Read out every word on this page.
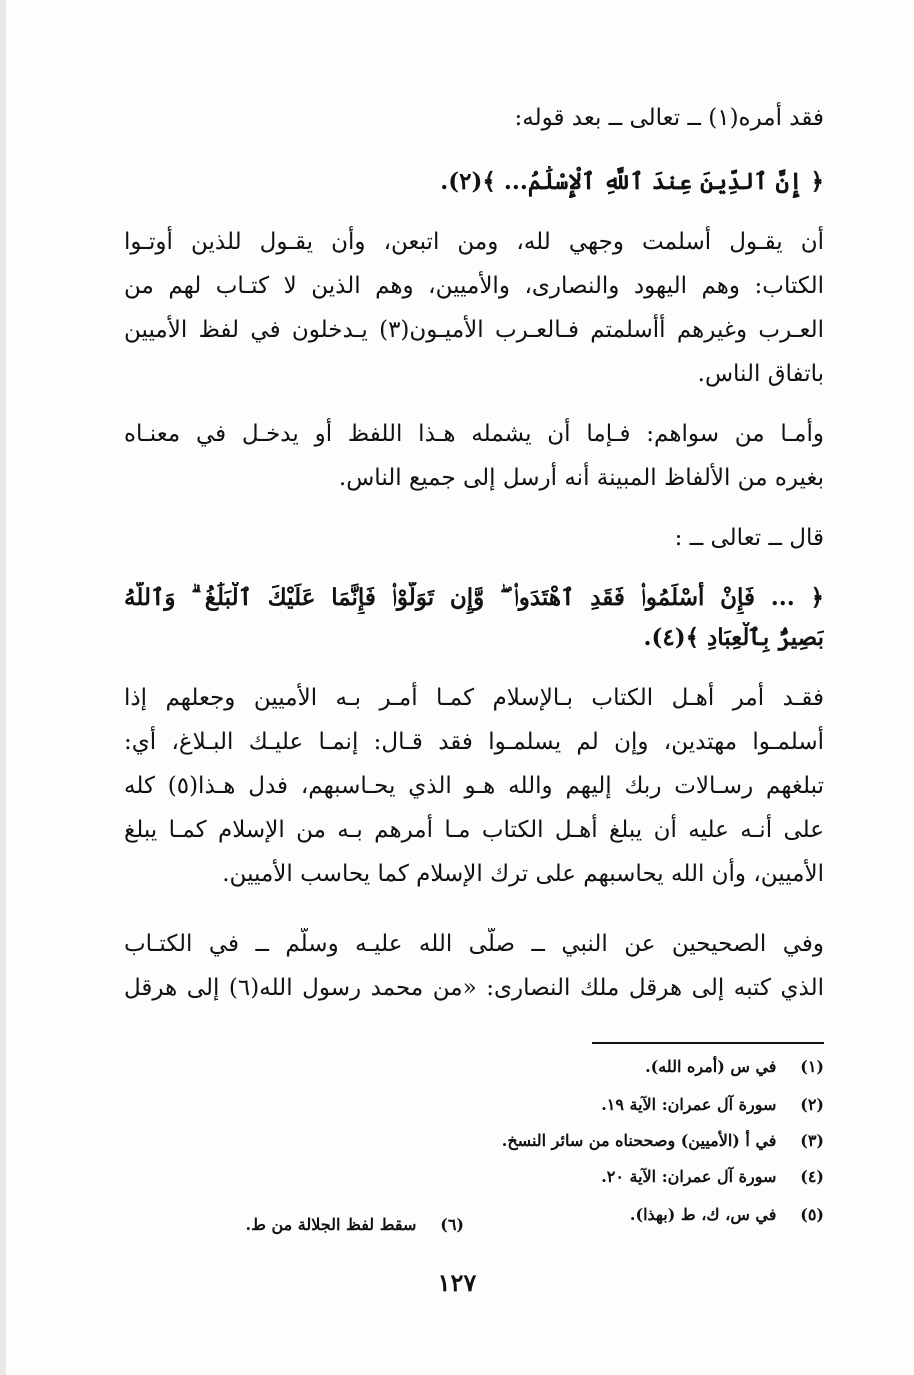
فقد أمره(١) ــ تعالى ــ بعد قوله:
﴿ إِنَّ ٱلدِّينَ عِندَ ٱللَّهِ ٱلْإِسْلَٰمُ... ﴾(٢).
أن يقـول أسلمت وجهي لله، ومن اتبعن، وأن يقـول للذين أوتـوا
الكتاب: وهم اليهود والنصارى، والأميين، وهم الذين لا كتـاب لهم من
العـرب وغيرهم أأسلمتم فـالعـرب الأميـون(٣) يـدخلون في لفظ الأميين
باتفاق الناس.
وأمـا من سواهم: فـإما أن يشمله هـذا اللفظ أو يدخـل في معنـاه
بغيره من الألفاظ المبينة أنه أرسل إلى جميع الناس.
قال ــ تعالى ــ :
﴿ ... فَإِنْ أَسْلَمُوا۟ فَقَدِ ٱهْتَدَوا۟ ۖ وَّإِن تَوَلَّوْا۟ فَإِنَّمَا عَلَيْكَ ٱلْبَلَٰغُ ۗ وَٱللَّهُ
بَصِيرٌۢ بِٱلْعِبَادِ ﴾(٤).
فقـد أمر أهـل الكتاب بـالإسلام كمـا أمـر بـه الأميين وجعلهم إذا
أسلمـوا مهتدين، وإن لم يسلمـوا فقد قـال: إنمـا عليـك البـلاغ، أي:
تبلغهم رسـالات ربك إليهم والله هـو الذي يحـاسبهم، فدل هـذا(٥) كله
على أنـه عليه أن يبلغ أهـل الكتاب مـا أمرهم بـه من الإسلام كمـا يبلغ
الأميين، وأن الله يحاسبهم على ترك الإسلام كما يحاسب الأميين.
وفي الصحيحين عن النبي ــ صلَّى الله عليـه وسلَّم ــ في الكتـاب
الذي كتبه إلى هرقل ملك النصارى: «من محمد رسول الله(٦) إلى هرقل
(١) في س (أمره الله).
(٢) سورة آل عمران: الآية ١٩.
(٣) في أ (الأميين) وصححناه من سائر النسخ.
(٤) سورة آل عمران: الآية ٢٠.
(٥) في س، ك، ط (بهذا).
(٦) سقط لفظ الجلالة من ط.
١٢٧
